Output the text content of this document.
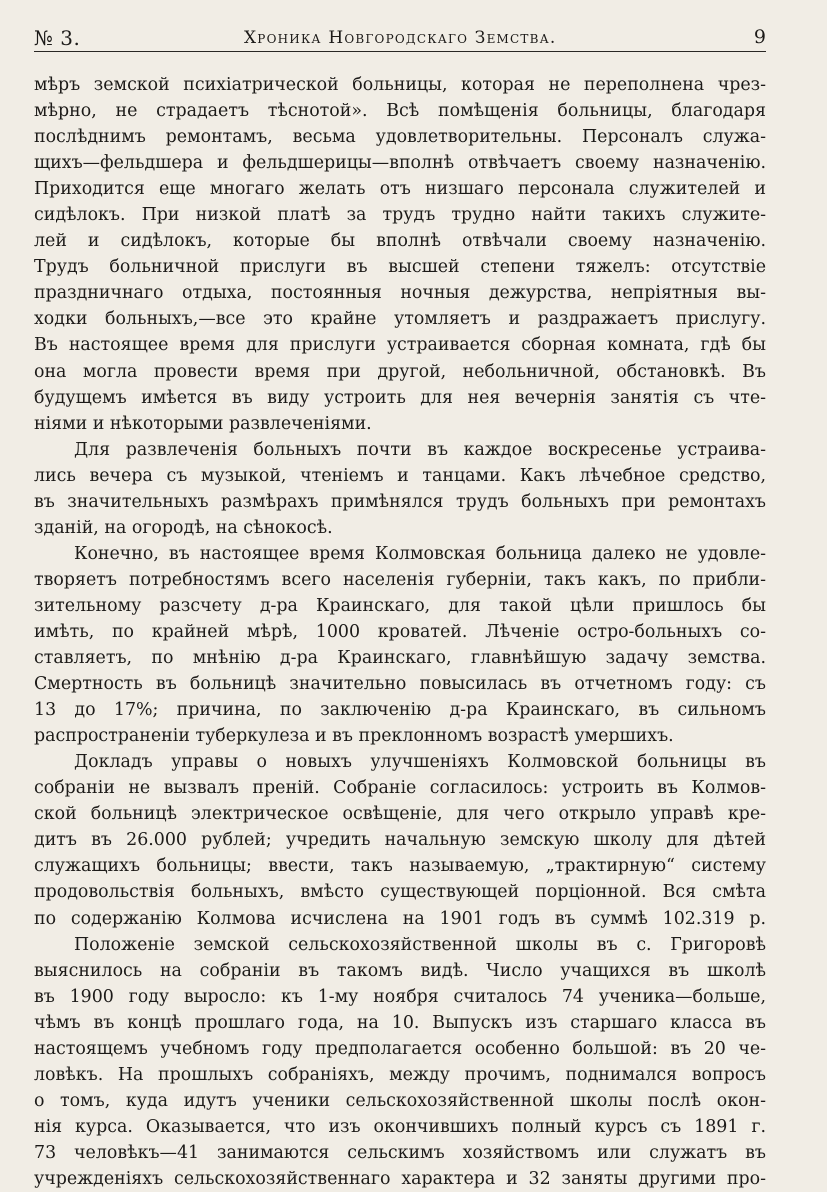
№ 3.	Хроника Новгородскаго Земства.	9
мѣръ земской психіатрической больницы, которая не переполнена чрез-
мѣрно, не страдаетъ тѣснотой». Всѣ помѣщенія больницы, благодаря
послѣднимъ ремонтамъ, весьма удовлетворительны. Персоналъ служа-
щихъ—фельдшера и фельдшерицы—вполнѣ отвѣчаетъ своему назначенію.
Приходится еще многаго желать отъ низшаго персонала служителей и
сидѣлокъ. При низкой платѣ за трудъ трудно найти такихъ служите-
лей и сидѣлокъ, которые бы вполнѣ отвѣчали своему назначенію.
Трудъ больничной прислуги въ высшей степени тяжелъ: отсутствіе
праздничнаго отдыха, постоянныя ночныя дежурства, непріятныя вы-
ходки больныхъ,—все это крайне утомляетъ и раздражаетъ прислугу.
Въ настоящее время для прислуги устраивается сборная комната, гдѣ бы
она могла провести время при другой, небольничной, обстановкѣ. Въ
будущемъ имѣется въ виду устроить для нея вечернія занятія съ чте-
ніями и нѣкоторыми развлеченіями.
Для развлеченія больныхъ почти въ каждое воскресенье устраива-
лись вечера съ музыкой, чтеніемъ и танцами. Какъ лѣчебное средство,
въ значительныхъ размѣрахъ примѣнялся трудъ больныхъ при ремонтахъ
зданій, на огородѣ, на сѣнокосѣ.
Конечно, въ настоящее время Колмовская больница далеко не удовле-
творяетъ потребностямъ всего населенія губерніи, такъ какъ, по прибли-
зительному разсчету д-ра Краинскаго, для такой цѣли пришлось бы
имѣть, по крайней мѣрѣ, 1000 кроватей. Лѣченіе остро-больныхъ со-
ставляетъ, по мнѣнію д-ра Краинскаго, главнѣйшую задачу земства.
Смертность въ больницѣ значительно повысилась въ отчетномъ году: съ
13 до 17%; причина, по заключенію д-ра Краинскаго, въ сильномъ
распространеніи туберкулеза и въ преклонномъ возрастѣ умершихъ.
Докладъ управы о новыхъ улучшеніяхъ Колмовской больницы въ
собраніи не вызвалъ преній. Собраніе согласилось: устроить въ Колмов-
ской больницѣ электрическое освѣщеніе, для чего открыло управѣ кре-
дитъ въ 26.000 рублей; учредить начальную земскую школу для дѣтей
служащихъ больницы; ввести, такъ называемую, „трактирную“ систему
продовольствія больныхъ, вмѣсто существующей порціонной. Вся смѣта
по содержанію Колмова исчислена на 1901 годъ въ суммѣ 102.319 р.
Положеніе земской сельскохозяйственной школы въ с. Григоровѣ
выяснилось на собраніи въ такомъ видѣ. Число учащихся въ школѣ
въ 1900 году выросло: къ 1-му ноября считалось 74 ученика—больше,
чѣмъ въ концѣ прошлаго года, на 10. Выпускъ изъ старшаго класса въ
настоящемъ учебномъ году предполагается особенно большой: въ 20 че-
ловѣкъ. На прошлыхъ собраніяхъ, между прочимъ, поднимался вопросъ
о томъ, куда идутъ ученики сельскохозяйственной школы послѣ окон-
нія курса. Оказывается, что изъ окончившихъ полный курсъ съ 1891 г.
73 человѣкъ—41 занимаются сельскимъ хозяйствомъ или служатъ въ
учрежденіяхъ сельскохозяйственнаго характера и 32 заняты другими про-
